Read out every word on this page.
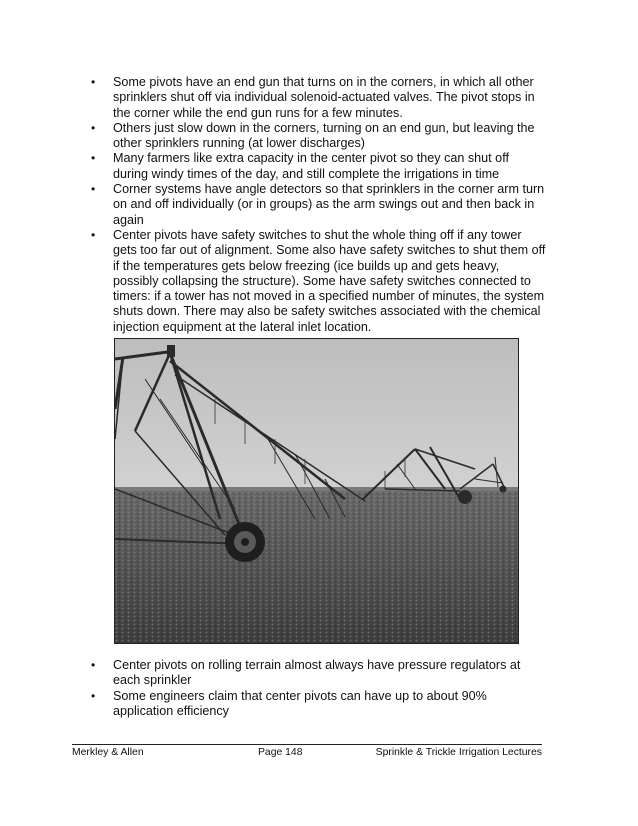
• Some pivots have an end gun that turns on in the corners, in which all other sprinklers shut off via individual solenoid-actuated valves. The pivot stops in the corner while the end gun runs for a few minutes.
• Others just slow down in the corners, turning on an end gun, but leaving the other sprinklers running (at lower discharges)
• Many farmers like extra capacity in the center pivot so they can shut off during windy times of the day, and still complete the irrigations in time
• Corner systems have angle detectors so that sprinklers in the corner arm turn on and off individually (or in groups) as the arm swings out and then back in again
• Center pivots have safety switches to shut the whole thing off if any tower gets too far out of alignment. Some also have safety switches to shut them off if the temperatures gets below freezing (ice builds up and gets heavy, possibly collapsing the structure). Some have safety switches connected to timers: if a tower has not moved in a specified number of minutes, the system shuts down. There may also be safety switches associated with the chemical injection equipment at the lateral inlet location.
• Center pivots on rolling terrain almost always have pressure regulators at each sprinkler
• Some engineers claim that center pivots can have up to about 90% application efficiency
Merkley & Allen	Page 148	Sprinkle & Trickle Irrigation Lectures
